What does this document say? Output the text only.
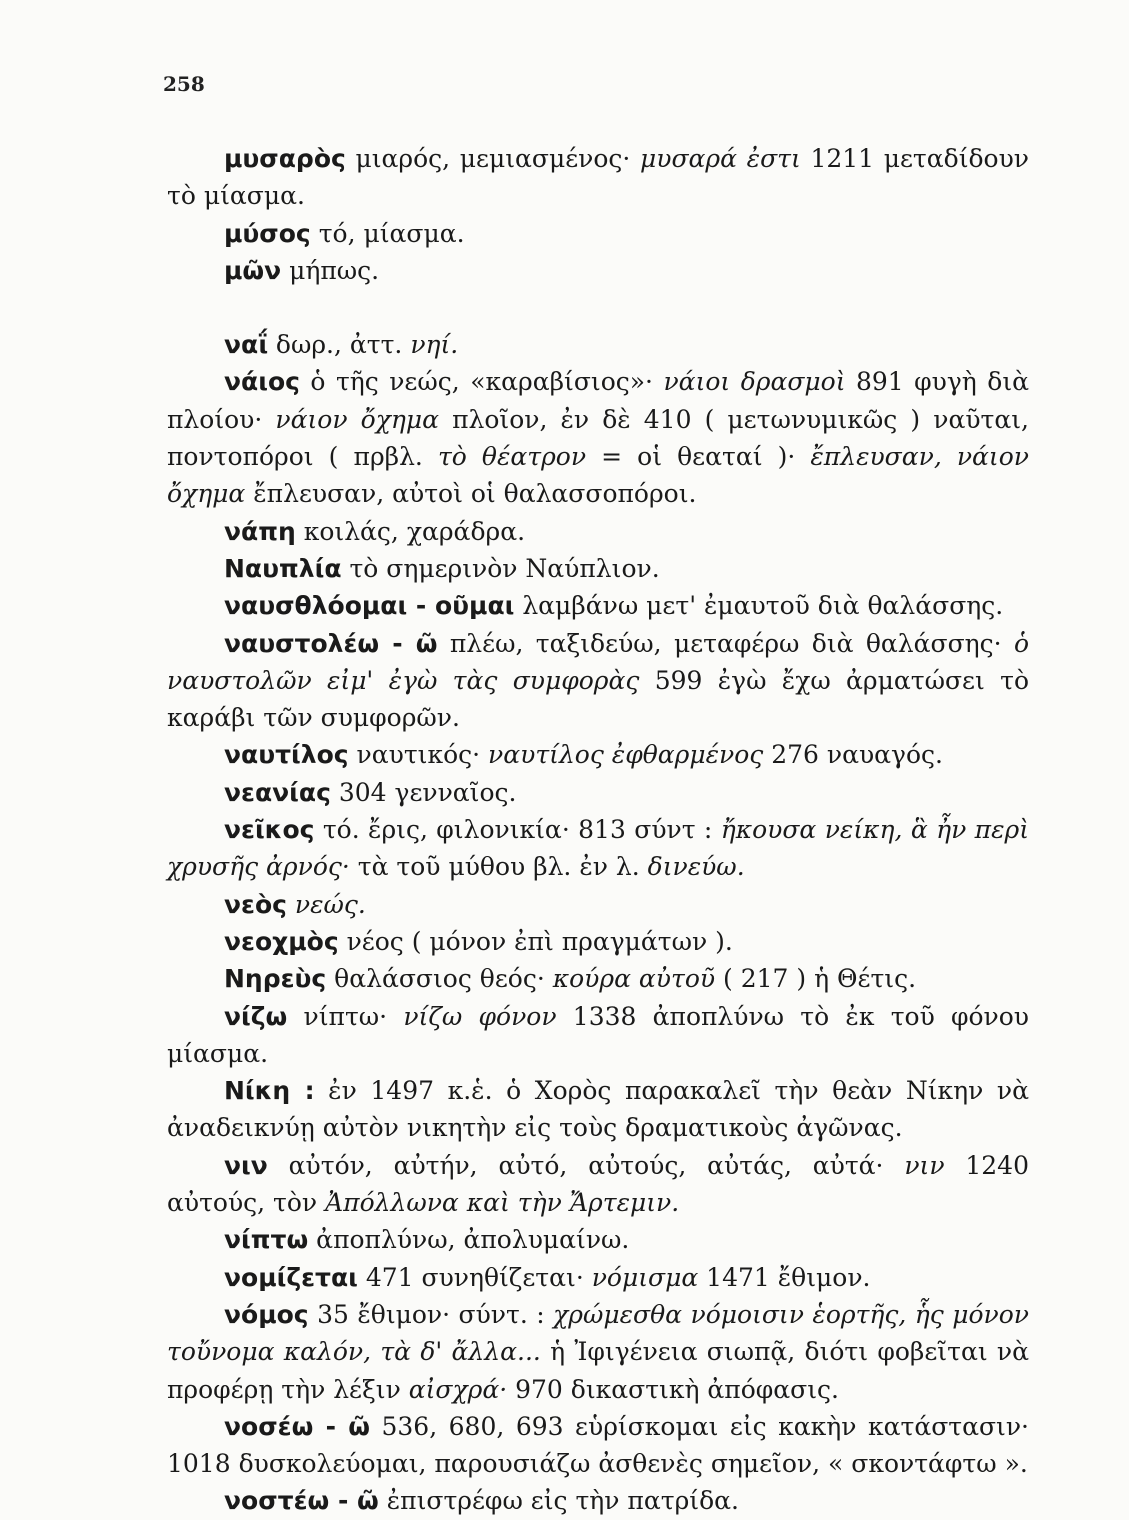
258
μυσαρὸς μιαρός, μεμιασμένος· μυσαρά ἐστι 1211 μεταδίδουν τὸ μίασμα.
μύσος τό, μίασμα.
μῶν μήπως.
ναΐ δωρ., ἀττ. νηί.
νάιος ὁ τῆς νεώς, «καραβίσιος»· νάιοι δρασμοὶ 891 φυγὴ διὰ πλοίου· νάιον ὄχημα πλοῖον, ἐν δὲ 410 ( μετωνυμικῶς ) ναῦται, ποντοπόροι ( πρβλ. τὸ θέατρον = οἱ θεαταί )· ἔπλευσαν, νάιον ὄχημα ἔπλευσαν, αὐτοὶ οἱ θαλασσοπόροι.
νάπη κοιλάς, χαράδρα.
Ναυπλία τὸ σημερινὸν Ναύπλιον.
ναυσθλόομαι - οῦμαι λαμβάνω μετ' ἐμαυτοῦ διὰ θαλάσσης.
ναυστολέω - ῶ πλέω, ταξιδεύω, μεταφέρω διὰ θαλάσσης· ὁ ναυστολῶν εἰμ' ἐγὼ τὰς συμφορὰς 599 ἐγὼ ἔχω ἀρματώσει τὸ καράβι τῶν συμφορῶν.
ναυτίλος ναυτικός· ναυτίλος ἐφθαρμένος 276 ναυαγός.
νεανίας 304 γενναῖος.
νεῖκος τό. ἔρις, φιλονικία· 813 σύντ : ἤκουσα νείκη, ἃ ἦν περὶ χρυσῆς ἀρνός· τὰ τοῦ μύθου βλ. ἐν λ. δινεύω.
νεὸς νεώς.
νεοχμὸς νέος ( μόνον ἐπὶ πραγμάτων ).
Νηρεὺς θαλάσσιος θεός· κούρα αὐτοῦ ( 217 ) ἡ Θέτις.
νίζω νίπτω· νίζω φόνον 1338 ἀποπλύνω τὸ ἐκ τοῦ φόνου μίασμα.
Νίκη : ἐν 1497 κ.ἑ. ὁ Χορὸς παρακαλεῖ τὴν θεὰν Νίκην νὰ ἀναδεικνύῃ αὐτὸν νικητὴν εἰς τοὺς δραματικοὺς ἀγῶνας.
νιν αὐτόν, αὐτήν, αὐτό, αὐτούς, αὐτάς, αὐτά· νιν 1240 αὐτούς, τὸν Ἀπόλλωνα καὶ τὴν Ἄρτεμιν.
νίπτω ἀποπλύνω, ἀπολυμαίνω.
νομίζεται 471 συνηθίζεται· νόμισμα 1471 ἔθιμον.
νόμος 35 ἔθιμον· σύντ. : χρώμεσθα νόμοισιν ἑορτῆς, ἧς μόνον τοὔνομα καλόν, τὰ δ' ἄλλα... ἡ Ἰφιγένεια σιωπᾷ, διότι φοβεῖται νὰ προφέρῃ τὴν λέξιν αἰσχρά· 970 δικαστικὴ ἀπόφασις.
νοσέω - ῶ 536, 680, 693 εὑρίσκομαι εἰς κακὴν κατάστασιν· 1018 δυσκολεύομαι, παρουσιάζω ἀσθενὲς σημεῖον, « σκοντάφτω ».
νοστέω - ῶ ἐπιστρέφω εἰς τὴν πατρίδα.
